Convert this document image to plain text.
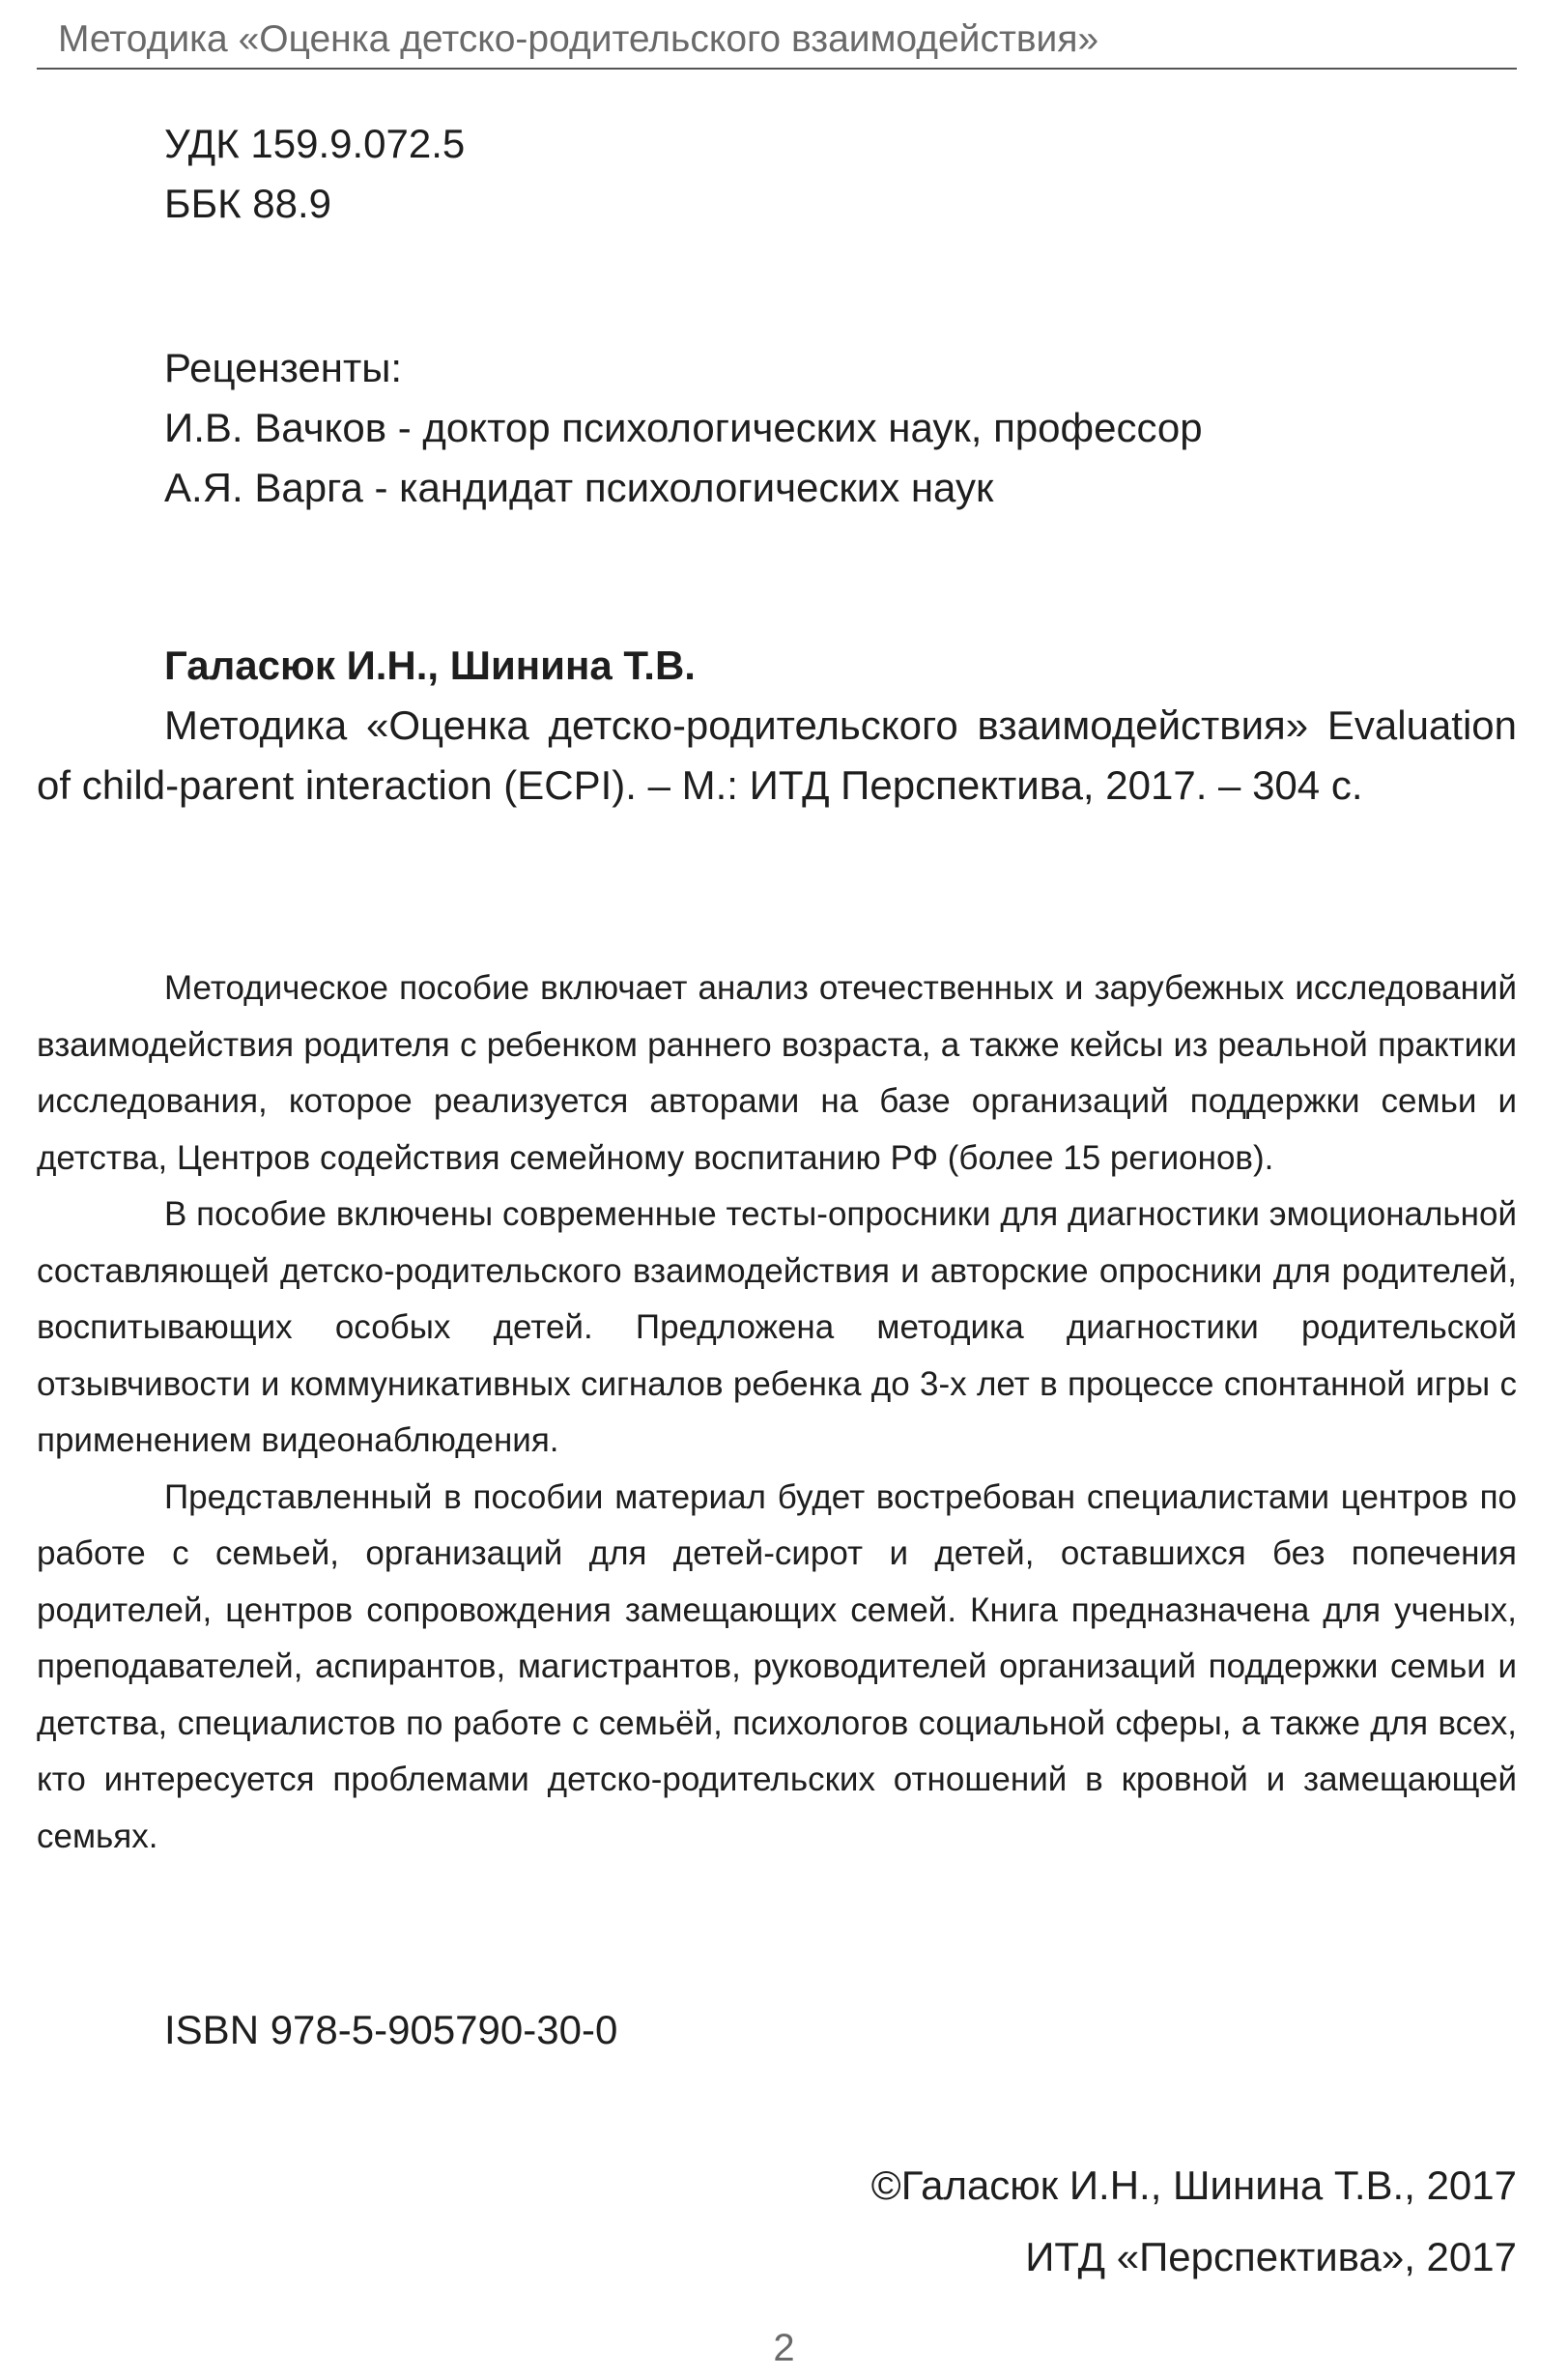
Методика «Оценка детско-родительского взаимодействия»
УДК 159.9.072.5
ББК 88.9
Рецензенты:
И.В. Вачков - доктор психологических наук, профессор
А.Я. Варга - кандидат психологических наук
Галасюк И.Н., Шинина Т.В.
Методика «Оценка детско-родительского взаимодействия» Evaluation of child-parent interaction (ECPI). – М.: ИТД Перспектива, 2017. – 304 с.

Методическое пособие включает анализ отечественных и зарубежных исследований взаимодействия родителя с ребенком раннего возраста, а также кейсы из реальной практики исследования, которое реализуется авторами на базе организаций поддержки семьи и детства, Центров содействия семейному воспитанию РФ (более 15 регионов).

В пособие включены современные тесты-опросники для диагностики эмоциональной составляющей детско-родительского взаимодействия и авторские опросники для родителей, воспитывающих особых детей. Предложена методика диагностики родительской отзывчивости и коммуникативных сигналов ребенка до 3-х лет в процессе спонтанной игры с применением видеонаблюдения.

Представленный в пособии материал будет востребован специалистами центров по работе с семьей, организаций для детей-сирот и детей, оставшихся без попечения родителей, центров сопровождения замещающих семей. Книга предназначена для ученых, преподавателей, аспирантов, магистрантов, руководителей организаций поддержки семьи и детства, специалистов по работе с семьёй, психологов социальной сферы, а также для всех, кто интересуется проблемами детско-родительских отношений в кровной и замещающей семьях.

ISBN 978-5-905790-30-0
©Галасюк И.Н., Шинина Т.В., 2017
ИТД «Перспектива», 2017
2
